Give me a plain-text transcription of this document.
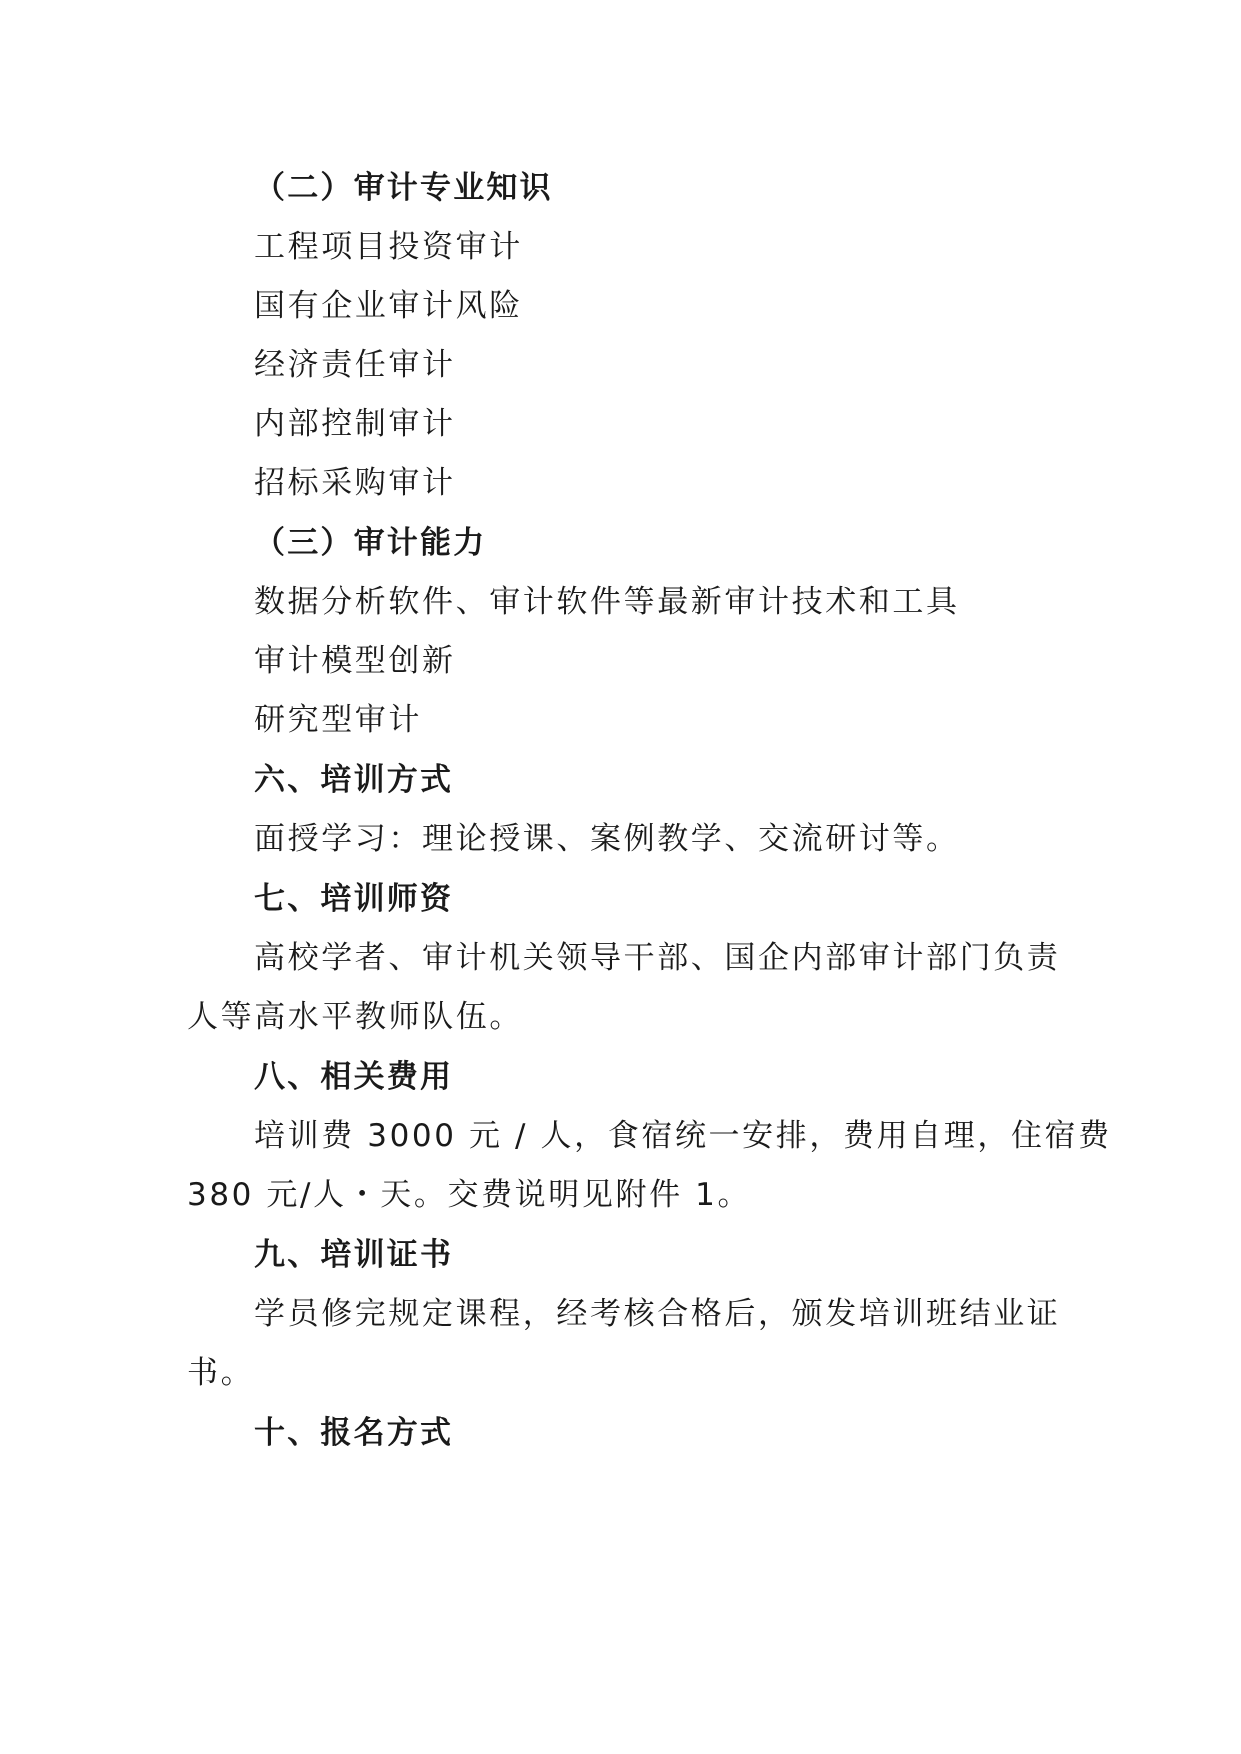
（二）审计专业知识
工程项目投资审计
国有企业审计风险
经济责任审计
内部控制审计
招标采购审计
（三）审计能力
数据分析软件、审计软件等最新审计技术和工具
审计模型创新
研究型审计
六、培训方式
面授学习：理论授课、案例教学、交流研讨等。
七、培训师资
高校学者、审计机关领导干部、国企内部审计部门负责
人等高水平教师队伍。
八、相关费用
培训费 3000 元 / 人，食宿统一安排，费用自理，住宿费
380 元/人・天。交费说明见附件 1。
九、培训证书
学员修完规定课程，经考核合格后，颁发培训班结业证
书。
十、报名方式
